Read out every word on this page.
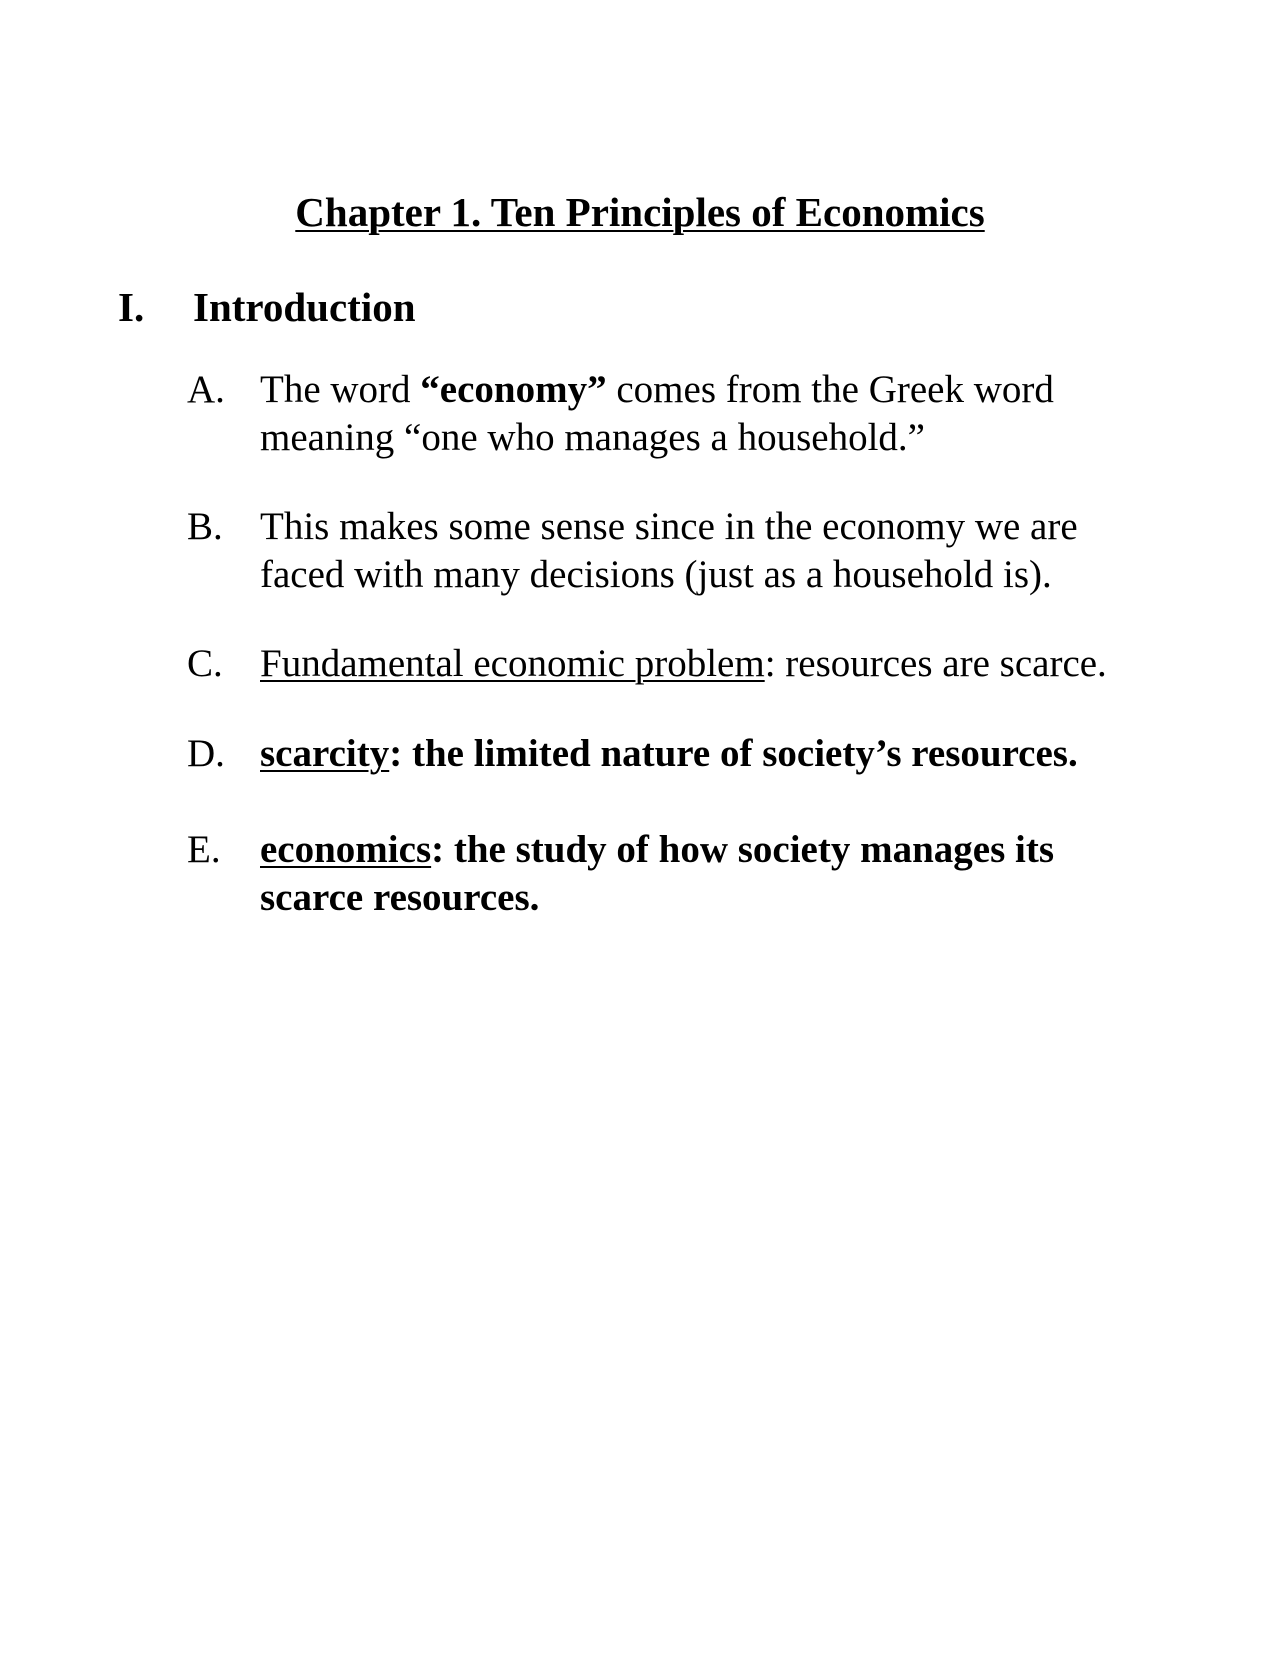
Chapter 1. Ten Principles of Economics
I. Introduction
A. The word “economy” comes from the Greek word meaning “one who manages a household.”
B. This makes some sense since in the economy we are faced with many decisions (just as a household is).
C. Fundamental economic problem: resources are scarce.
D. scarcity: the limited nature of society’s resources.
E.	economics: the study of how society manages its scarce resources.
